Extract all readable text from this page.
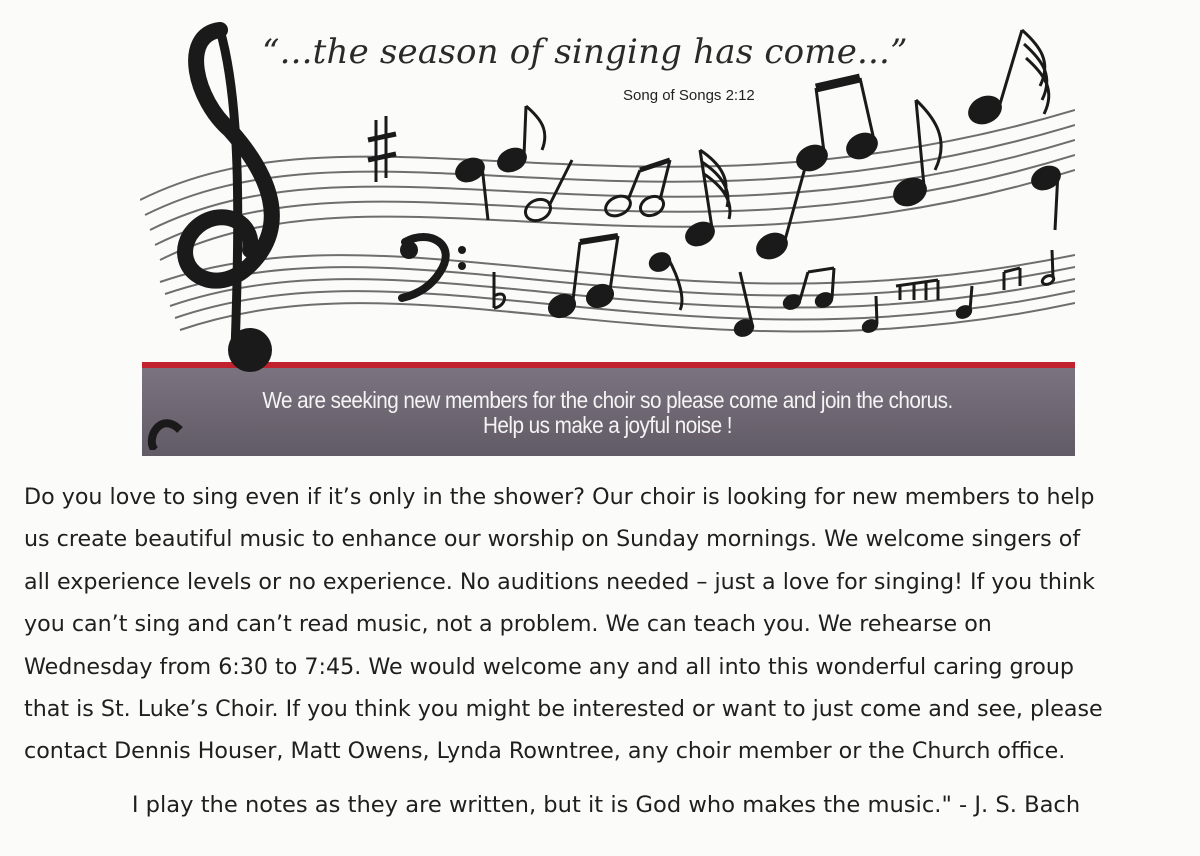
“...the season of singing has come...”
Song of Songs 2:12
We are seeking new members for the choir so please come and join the chorus.
Help us make a joyful noise !
Do you love to sing even if it’s only in the shower? Our choir is looking for new members to help
us create beautiful music to enhance our worship on Sunday mornings. We welcome singers of
all experience levels or no experience. No auditions needed – just a love for singing! If you think
you can’t sing and can’t read music, not a problem. We can teach you. We rehearse on
Wednesday from 6:30 to 7:45. We would welcome any and all into this wonderful caring group
that is St. Luke’s Choir. If you think you might be interested or want to just come and see, please
contact Dennis Houser, Matt Owens, Lynda Rowntree, any choir member or the Church office.
I play the notes as they are written, but it is God who makes the music." - J. S. Bach
